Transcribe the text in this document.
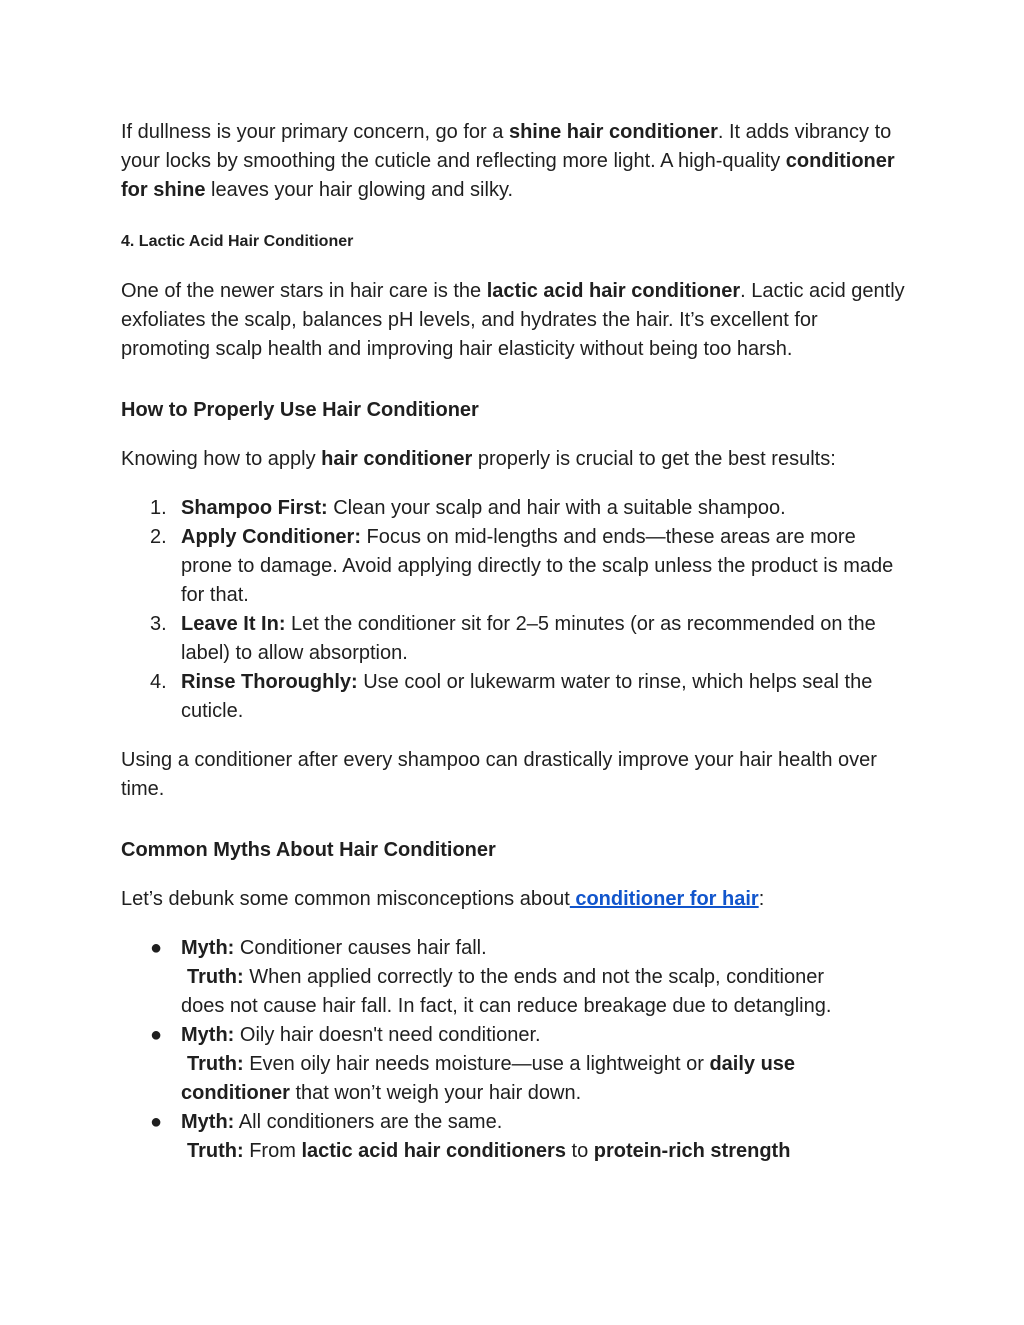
If dullness is your primary concern, go for a shine hair conditioner. It adds vibrancy to your locks by smoothing the cuticle and reflecting more light. A high-quality conditioner for shine leaves your hair glowing and silky.

4. Lactic Acid Hair Conditioner

One of the newer stars in hair care is the lactic acid hair conditioner. Lactic acid gently exfoliates the scalp, balances pH levels, and hydrates the hair. It’s excellent for promoting scalp health and improving hair elasticity without being too harsh.

How to Properly Use Hair Conditioner

Knowing how to apply hair conditioner properly is crucial to get the best results:

1. Shampoo First: Clean your scalp and hair with a suitable shampoo.
2. Apply Conditioner: Focus on mid-lengths and ends—these areas are more prone to damage. Avoid applying directly to the scalp unless the product is made for that.
3. Leave It In: Let the conditioner sit for 2–5 minutes (or as recommended on the label) to allow absorption.
4. Rinse Thoroughly: Use cool or lukewarm water to rinse, which helps seal the cuticle.

Using a conditioner after every shampoo can drastically improve your hair health over time.

Common Myths About Hair Conditioner

Let’s debunk some common misconceptions about conditioner for hair:

● Myth: Conditioner causes hair fall.
Truth: When applied correctly to the ends and not the scalp, conditioner
does not cause hair fall. In fact, it can reduce breakage due to detangling.
● Myth: Oily hair doesn't need conditioner.
Truth: Even oily hair needs moisture—use a lightweight or daily use
conditioner that won’t weigh your hair down.
● Myth: All conditioners are the same.
Truth: From lactic acid hair conditioners to protein-rich strength
